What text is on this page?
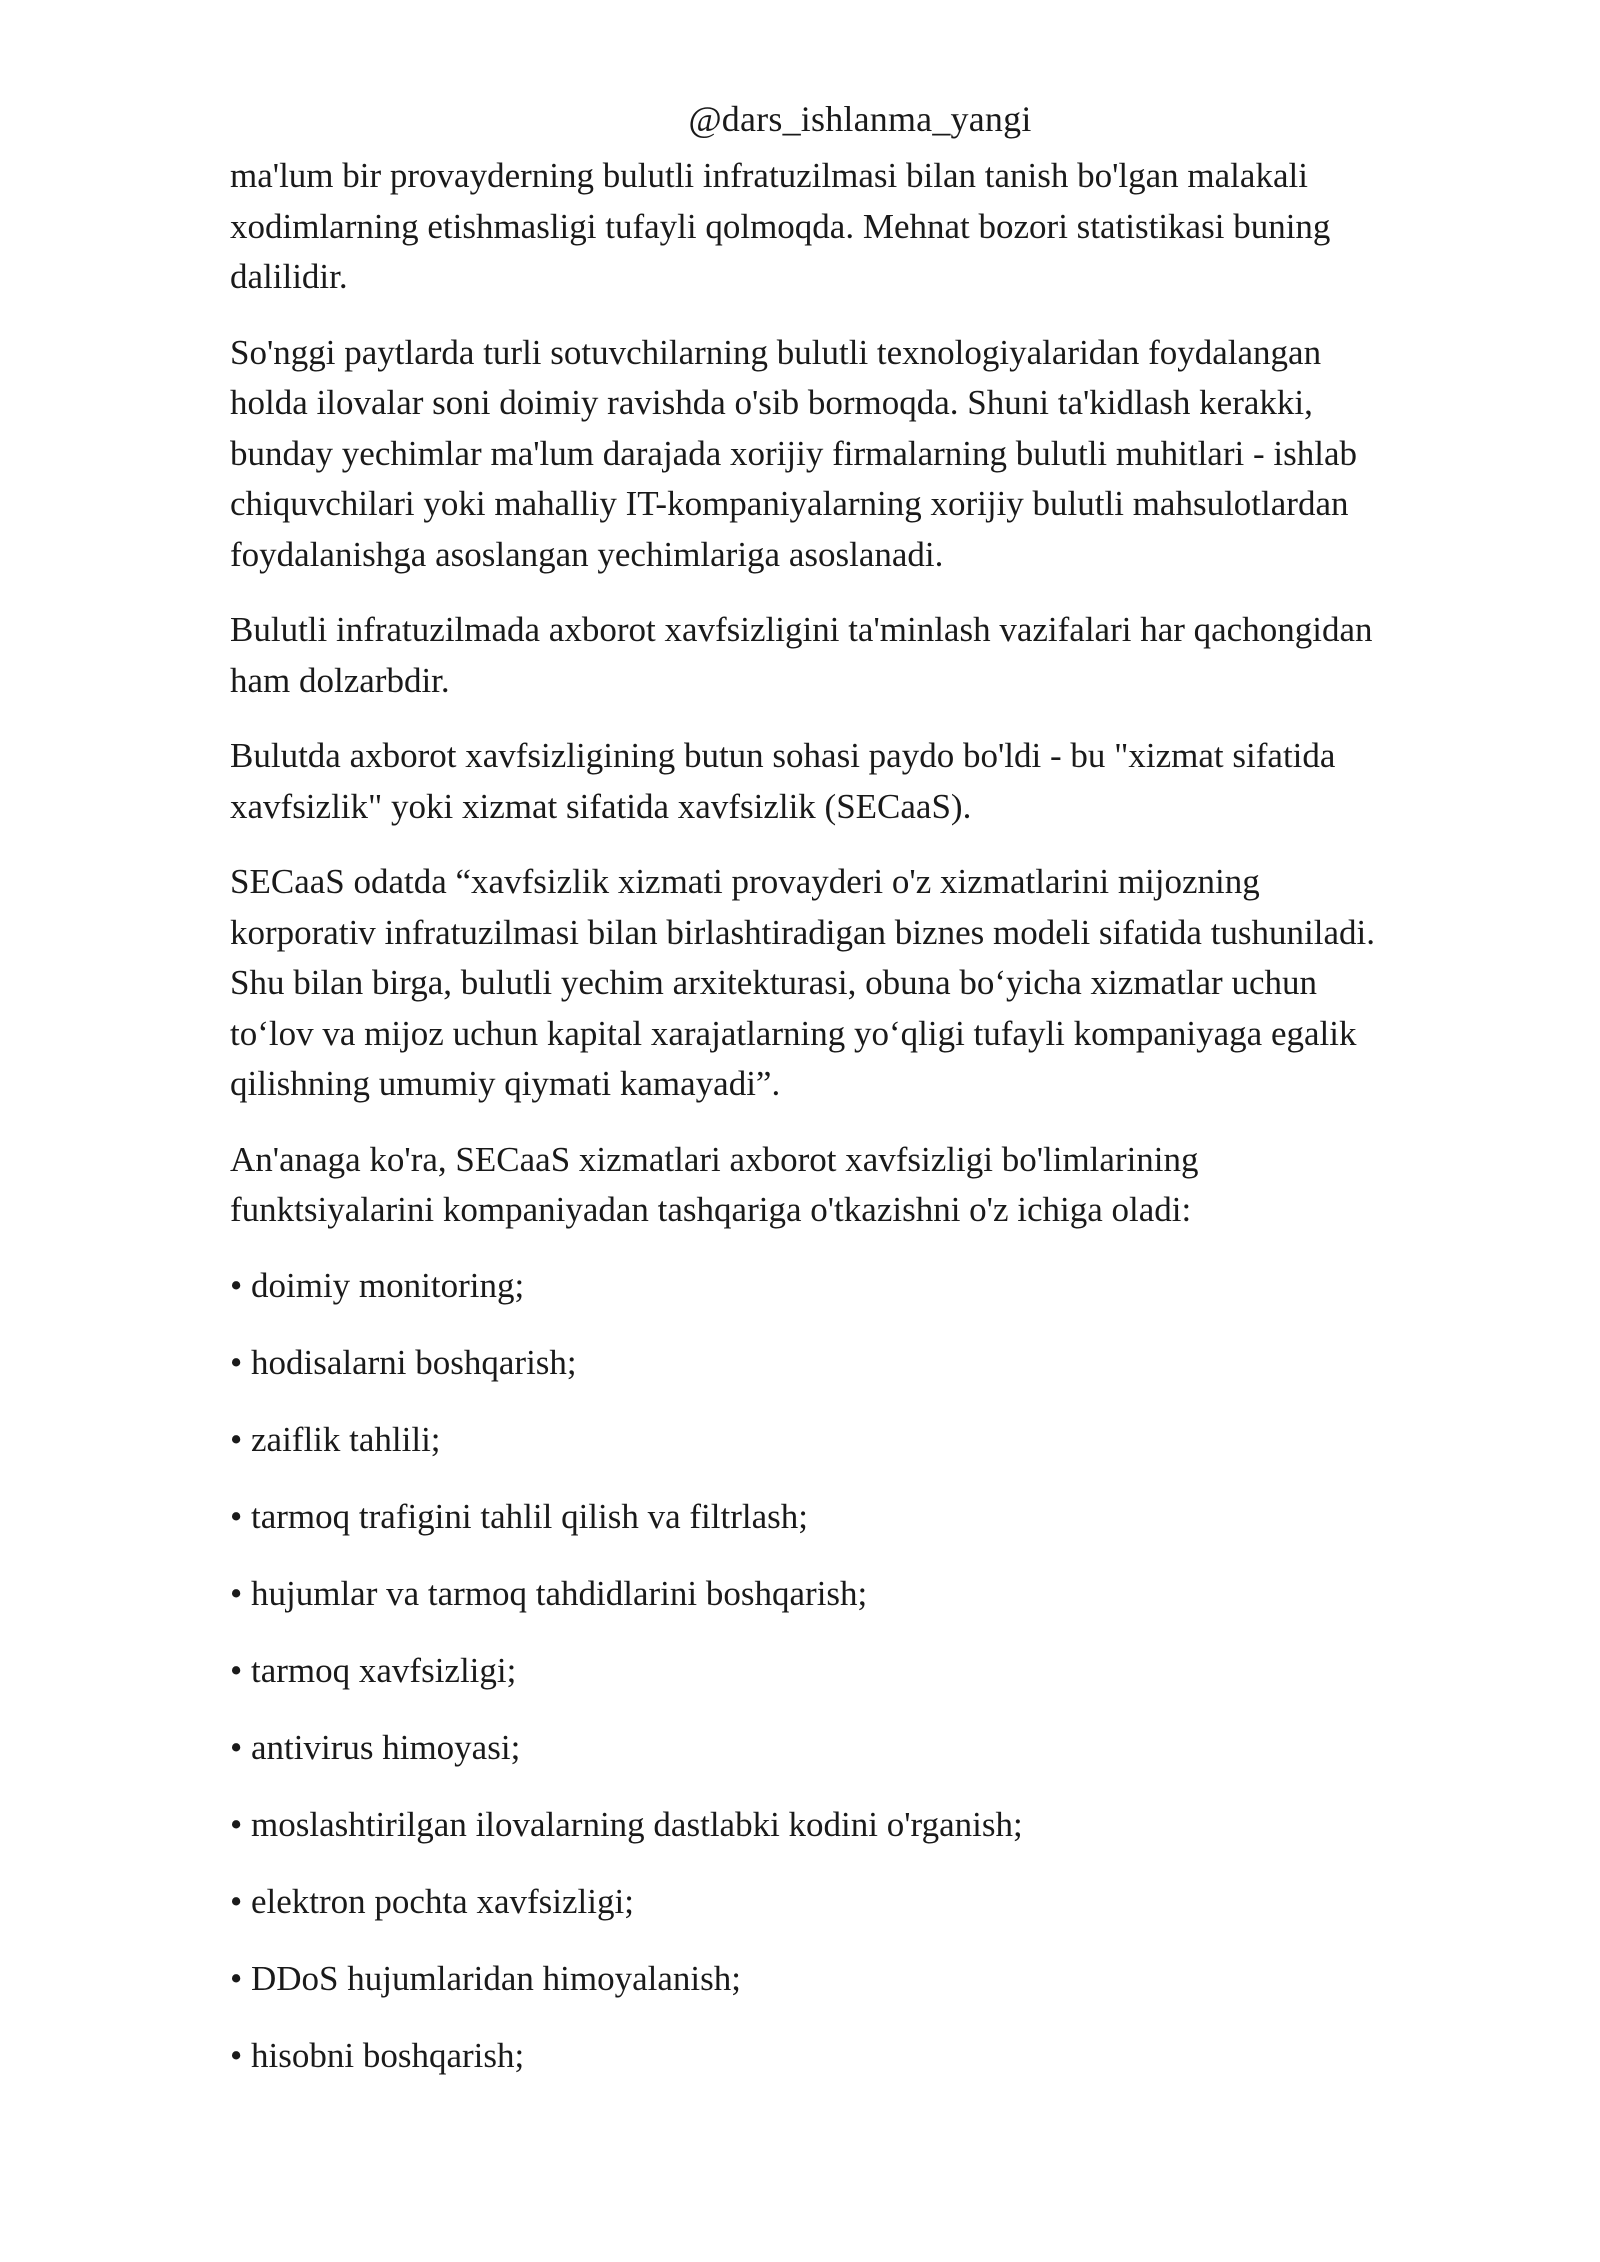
@dars_ishlanma_yangi
ma'lum bir provayderning bulutli infratuzilmasi bilan tanish bo'lgan malakali
xodimlarning etishmasligi tufayli qolmoqda. Mehnat bozori statistikasi buning
dalilidir.
So'nggi paytlarda turli sotuvchilarning bulutli texnologiyalaridan foydalangan
holda ilovalar soni doimiy ravishda o'sib bormoqda. Shuni ta'kidlash kerakki,
bunday yechimlar ma'lum darajada xorijiy firmalarning bulutli muhitlari - ishlab
chiquvchilari yoki mahalliy IT-kompaniyalarning xorijiy bulutli mahsulotlardan
foydalanishga asoslangan yechimlariga asoslanadi.
Bulutli infratuzilmada axborot xavfsizligini ta'minlash vazifalari har qachongidan
ham dolzarbdir.
Bulutda axborot xavfsizligining butun sohasi paydo bo'ldi - bu "xizmat sifatida
xavfsizlik" yoki xizmat sifatida xavfsizlik (SECaaS).
SECaaS odatda “xavfsizlik xizmati provayderi o'z xizmatlarini mijozning
korporativ infratuzilmasi bilan birlashtiradigan biznes modeli sifatida tushuniladi.
Shu bilan birga, bulutli yechim arxitekturasi, obuna bo‘yicha xizmatlar uchun
to‘lov va mijoz uchun kapital xarajatlarning yo‘qligi tufayli kompaniyaga egalik
qilishning umumiy qiymati kamayadi”.
An'anaga ko'ra, SECaaS xizmatlari axborot xavfsizligi bo'limlarining
funktsiyalarini kompaniyadan tashqariga o'tkazishni o'z ichiga oladi:
• doimiy monitoring;
• hodisalarni boshqarish;
• zaiflik tahlili;
• tarmoq trafigini tahlil qilish va filtrlash;
• hujumlar va tarmoq tahdidlarini boshqarish;
• tarmoq xavfsizligi;
• antivirus himoyasi;
• moslashtirilgan ilovalarning dastlabki kodini o'rganish;
• elektron pochta xavfsizligi;
• DDoS hujumlaridan himoyalanish;
• hisobni boshqarish;
